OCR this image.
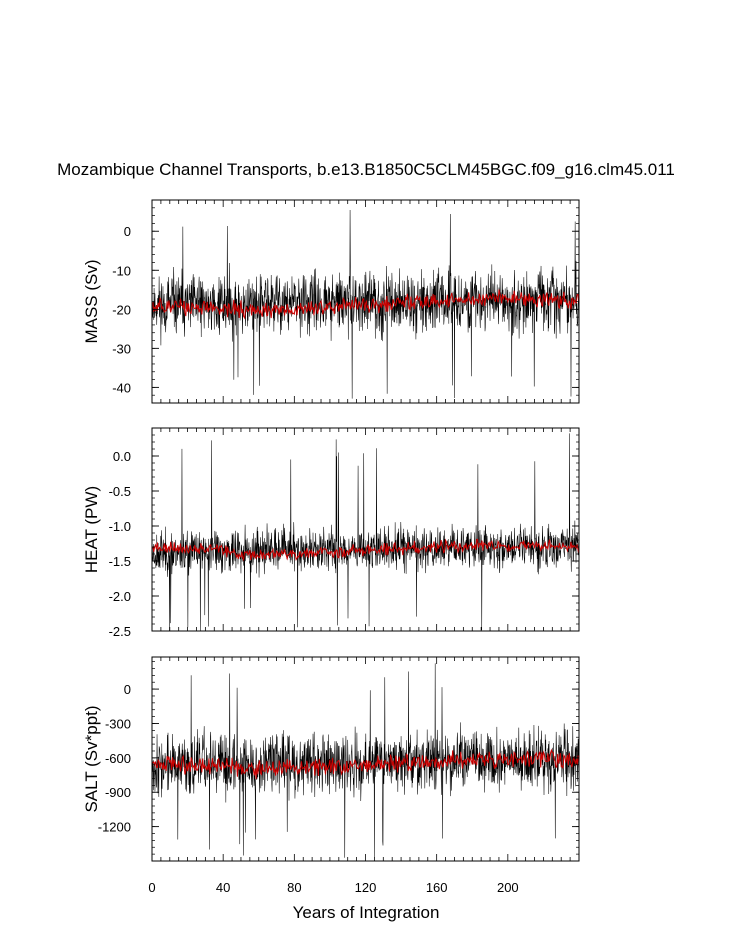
Mozambique Channel Transports, b.e13.B1850C5CLM45BGC.f09_g16.clm45.011
0
-10
-20
-30
-40
MASS (Sv)
0.0
-0.5
-1.0
-1.5
-2.0
-2.5
HEAT (PW)
0
-300
-600
-900
-1200
SALT (Sv*ppt)
Years of Integration
0	40	80	120	160	200
